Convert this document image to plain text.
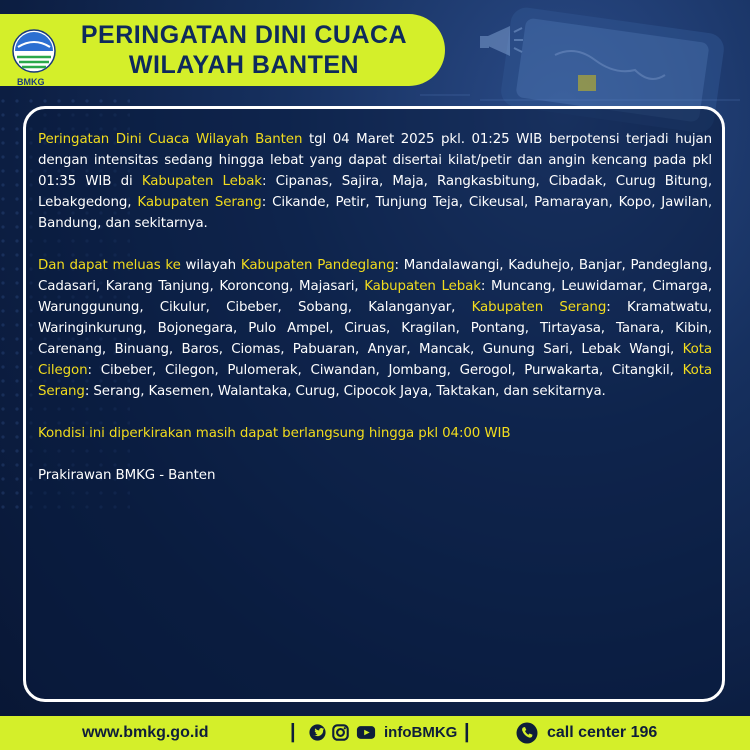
BMKG
PERINGATAN DINI CUACA
WILAYAH BANTEN

Peringatan Dini Cuaca Wilayah Banten tgl 04 Maret 2025 pkl. 01:25 WIB berpotensi terjadi hujan dengan intensitas sedang hingga lebat yang dapat disertai kilat/petir dan angin kencang pada pkl 01:35 WIB di Kabupaten Lebak: Cipanas, Sajira, Maja, Rangkasbitung, Cibadak, Curug Bitung, Lebakgedong, Kabupaten Serang: Cikande, Petir, Tunjung Teja, Cikeusal, Pamarayan, Kopo, Jawilan, Bandung, dan sekitarnya.

Dan dapat meluas ke wilayah Kabupaten Pandeglang: Mandalawangi, Kaduhejo, Banjar, Pandeglang, Cadasari, Karang Tanjung, Koroncong, Majasari, Kabupaten Lebak: Muncang, Leuwidamar, Cimarga, Warunggunung, Cikulur, Cibeber, Sobang, Kalanganyar, Kabupaten Serang: Kramatwatu, Waringinkurung, Bojonegara, Pulo Ampel, Ciruas, Kragilan, Pontang, Tirtayasa, Tanara, Kibin, Carenang, Binuang, Baros, Ciomas, Pabuaran, Anyar, Mancak, Gunung Sari, Lebak Wangi, Kota Cilegon: Cibeber, Cilegon, Pulomerak, Ciwandan, Jombang, Gerogol, Purwakarta, Citangkil, Kota Serang: Serang, Kasemen, Walantaka, Curug, Cipocok Jaya, Taktakan, dan sekitarnya.

Kondisi ini diperkirakan masih dapat berlangsung hingga pkl 04:00 WIB

Prakirawan BMKG - Banten

www.bmkg.go.id	|	infoBMKG |	call center 196
